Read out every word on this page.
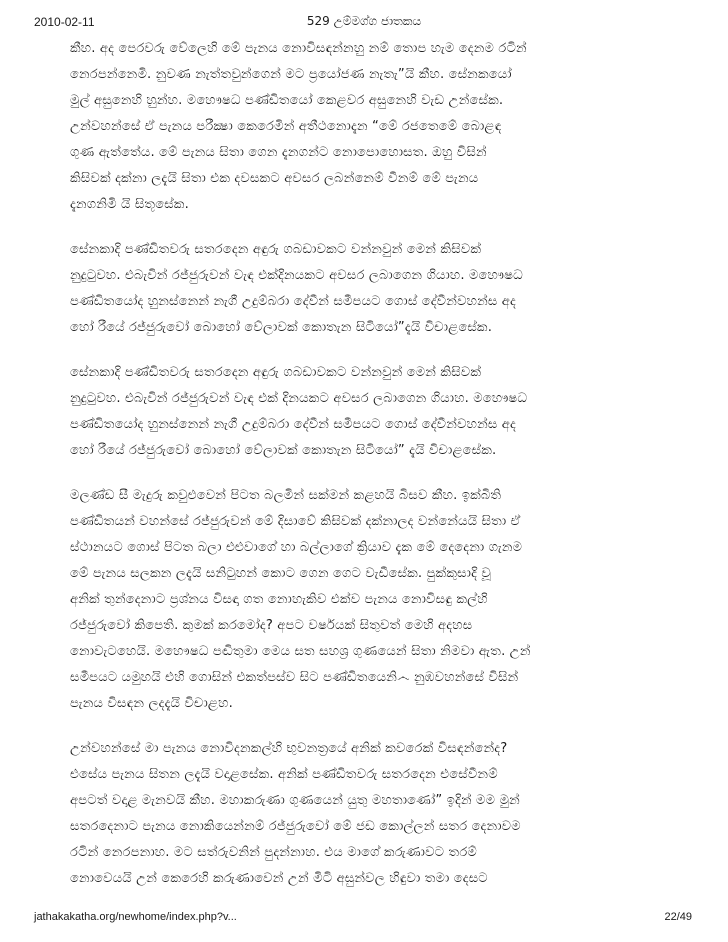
2010-02-11	529 උම්මග්ග ජාතකය
කීහ. අද පෙරවරු වේලෙහි මේ පැනය නොවිසඳන්නහු නම් තොප හැම දෙනම රටින්
නෙරපන්නෙමි. නුවණ නැත්තවුන්ගෙන් මට ප්‍රයෝජණ නැතැ”යි කීහ. සේනකයෝ
මුල් අසුනෙහි හුන්හ. මහෞෂධ පණ්ඩිතයෝ කෙළවර අසුනෙහි වැඩ උන්සේක.
උන්වහන්සේ ඒ පැනය පරීක්‍ෂා කෙරෙමින් අතීථනොදැන “මේ රජතෙමේ බොළඳ
ගුණ ඇත්තේය. මේ පැනය සිතා ගෙන දැනගන්ට නොපොහොසත. ඔහු විසින්
කිසිවක් දක්නා ලදැයි සිතා එක දවසකට අවසර ලබන්නෙම් වීනම් මේ පැනය
දැනගනිමි යි සිතූසේක.
සේනකාදි පණ්ඩිතවරු සතරදෙන අඳුරු ගබඩාවකට වන්නවුන් මෙන් කිසිවක්
නුදුටුවහ. එබැවින් රජ්ජුරුවන් වැඳ එක්දිනයකට අවසර ලබාගෙන ගියාහ. මහෞෂධ
පණ්ඩිතයෝද හුනස්නෙන් නැගී උදුම්බරා දේවීන් සමීපයට ගොස් දේවීන්වහන්ස අද
හෝ රීයේ රජ්ජුරුවෝ බොහෝ වේලාවක් කොතැන සිටියෝ”දැයි විචාළසේක.
සේනකාදි පණ්ඩිතවරු සතරදෙන අඳුරු ගබඩාවකට වන්නවුන් මෙන් කිසිවක්
නුදුටුවහ. එබැවින් රජ්ජුරුවන් වැඳ එක් දිනයකට අවසර ලබාගෙන ගියාහ. මහෞෂධ
පණ්ඩිතයෝද හුනස්නෙන් නැගී උදුම්බරා දේවීන් සමීපයට ගොස් දේවීන්වහන්ස අද
හෝ රීයේ රජ්ජුරුවෝ බොහෝ වේලාවක් කොතැන සිටියෝ” දැයි විචාළසේක.
මලණ්ඩ සී මැදුරු කවුළුවෙන් පිටත බලමින් සක්මන් කළහයි බිසව කීහ. ඉක්බිති
පණ්ඩිතයන් වහන්සේ රජ්ජුරුවන් මේ දිසාවේ කිසිවක් දක්නාලද වන්නේයයි සිතා ඒ
ස්ථානයට ගොස් පිටත බලා එළුවාගේ හා බල්ලාගේ ක්‍රියාව දැක මේ දෙදෙනා ගැනම
මේ පැනය සලකන ලදැයි සනිටුහන් කොට ගෙන ගෙට වැඩීසේක. පුක්කුසාදි වූ
අනික් තුන්දෙනාට ප්‍රශ්නය විසඳා ගත නොහැකිව එක්ව පැනය නොවිසඳු කල්හි
රජ්ජුරුවෝ කිපෙති. කුමක් කරමෝද? අපට වර්ෂයක් සිතුවත් මෙහි අදහස
නොවැටහෙයි. මහෞෂධ පඬිතුමා මෙය සත සහශ්‍ර ගුණයෙන් සිතා නිමවා ඇත. උන්
සමීපයට යමුහයි එහි ගොසින් එකත්පස්ව සිට පණ්ඩිතයෙනි෴ නුඹවහන්සේ විසින්
පැනය විසඳන ලදදැයි විචාළහ.
උන්වහන්සේ මා පැනය නොවිදනකල්හි භුවනත්‍රයේ අනික් කවරෙක් විසඳන්නේද?
එසේය පැනය සිතන ලදැයි වදාළසේක. අනික් පණ්ඩිතවරු සතරදෙන එසේවීනම්
අපටත් වදාළ මැනවයි කීහ. මහාකරුණා ගුණයෙන් යුතු මහතාණෝ” ඉදින් මම මුන්
සතරදෙනාට පැනය නොකියෙන්නම් රජ්ජුරුවෝ මේ ජඩ කොල්ලන් සතර දෙනාවම
රටින් නෙරපනාහ. මට සත්රුවනින් පුදන්නාහ. එය මාගේ කරුණාවට තරම්
නොවෙයයි උන් කෙරෙහි කරුණාවෙන් උන් මිටි අසුන්වල හිඳුවා තමා දෙසට
jathakakatha.org/newhome/index.php?v...	22/49
